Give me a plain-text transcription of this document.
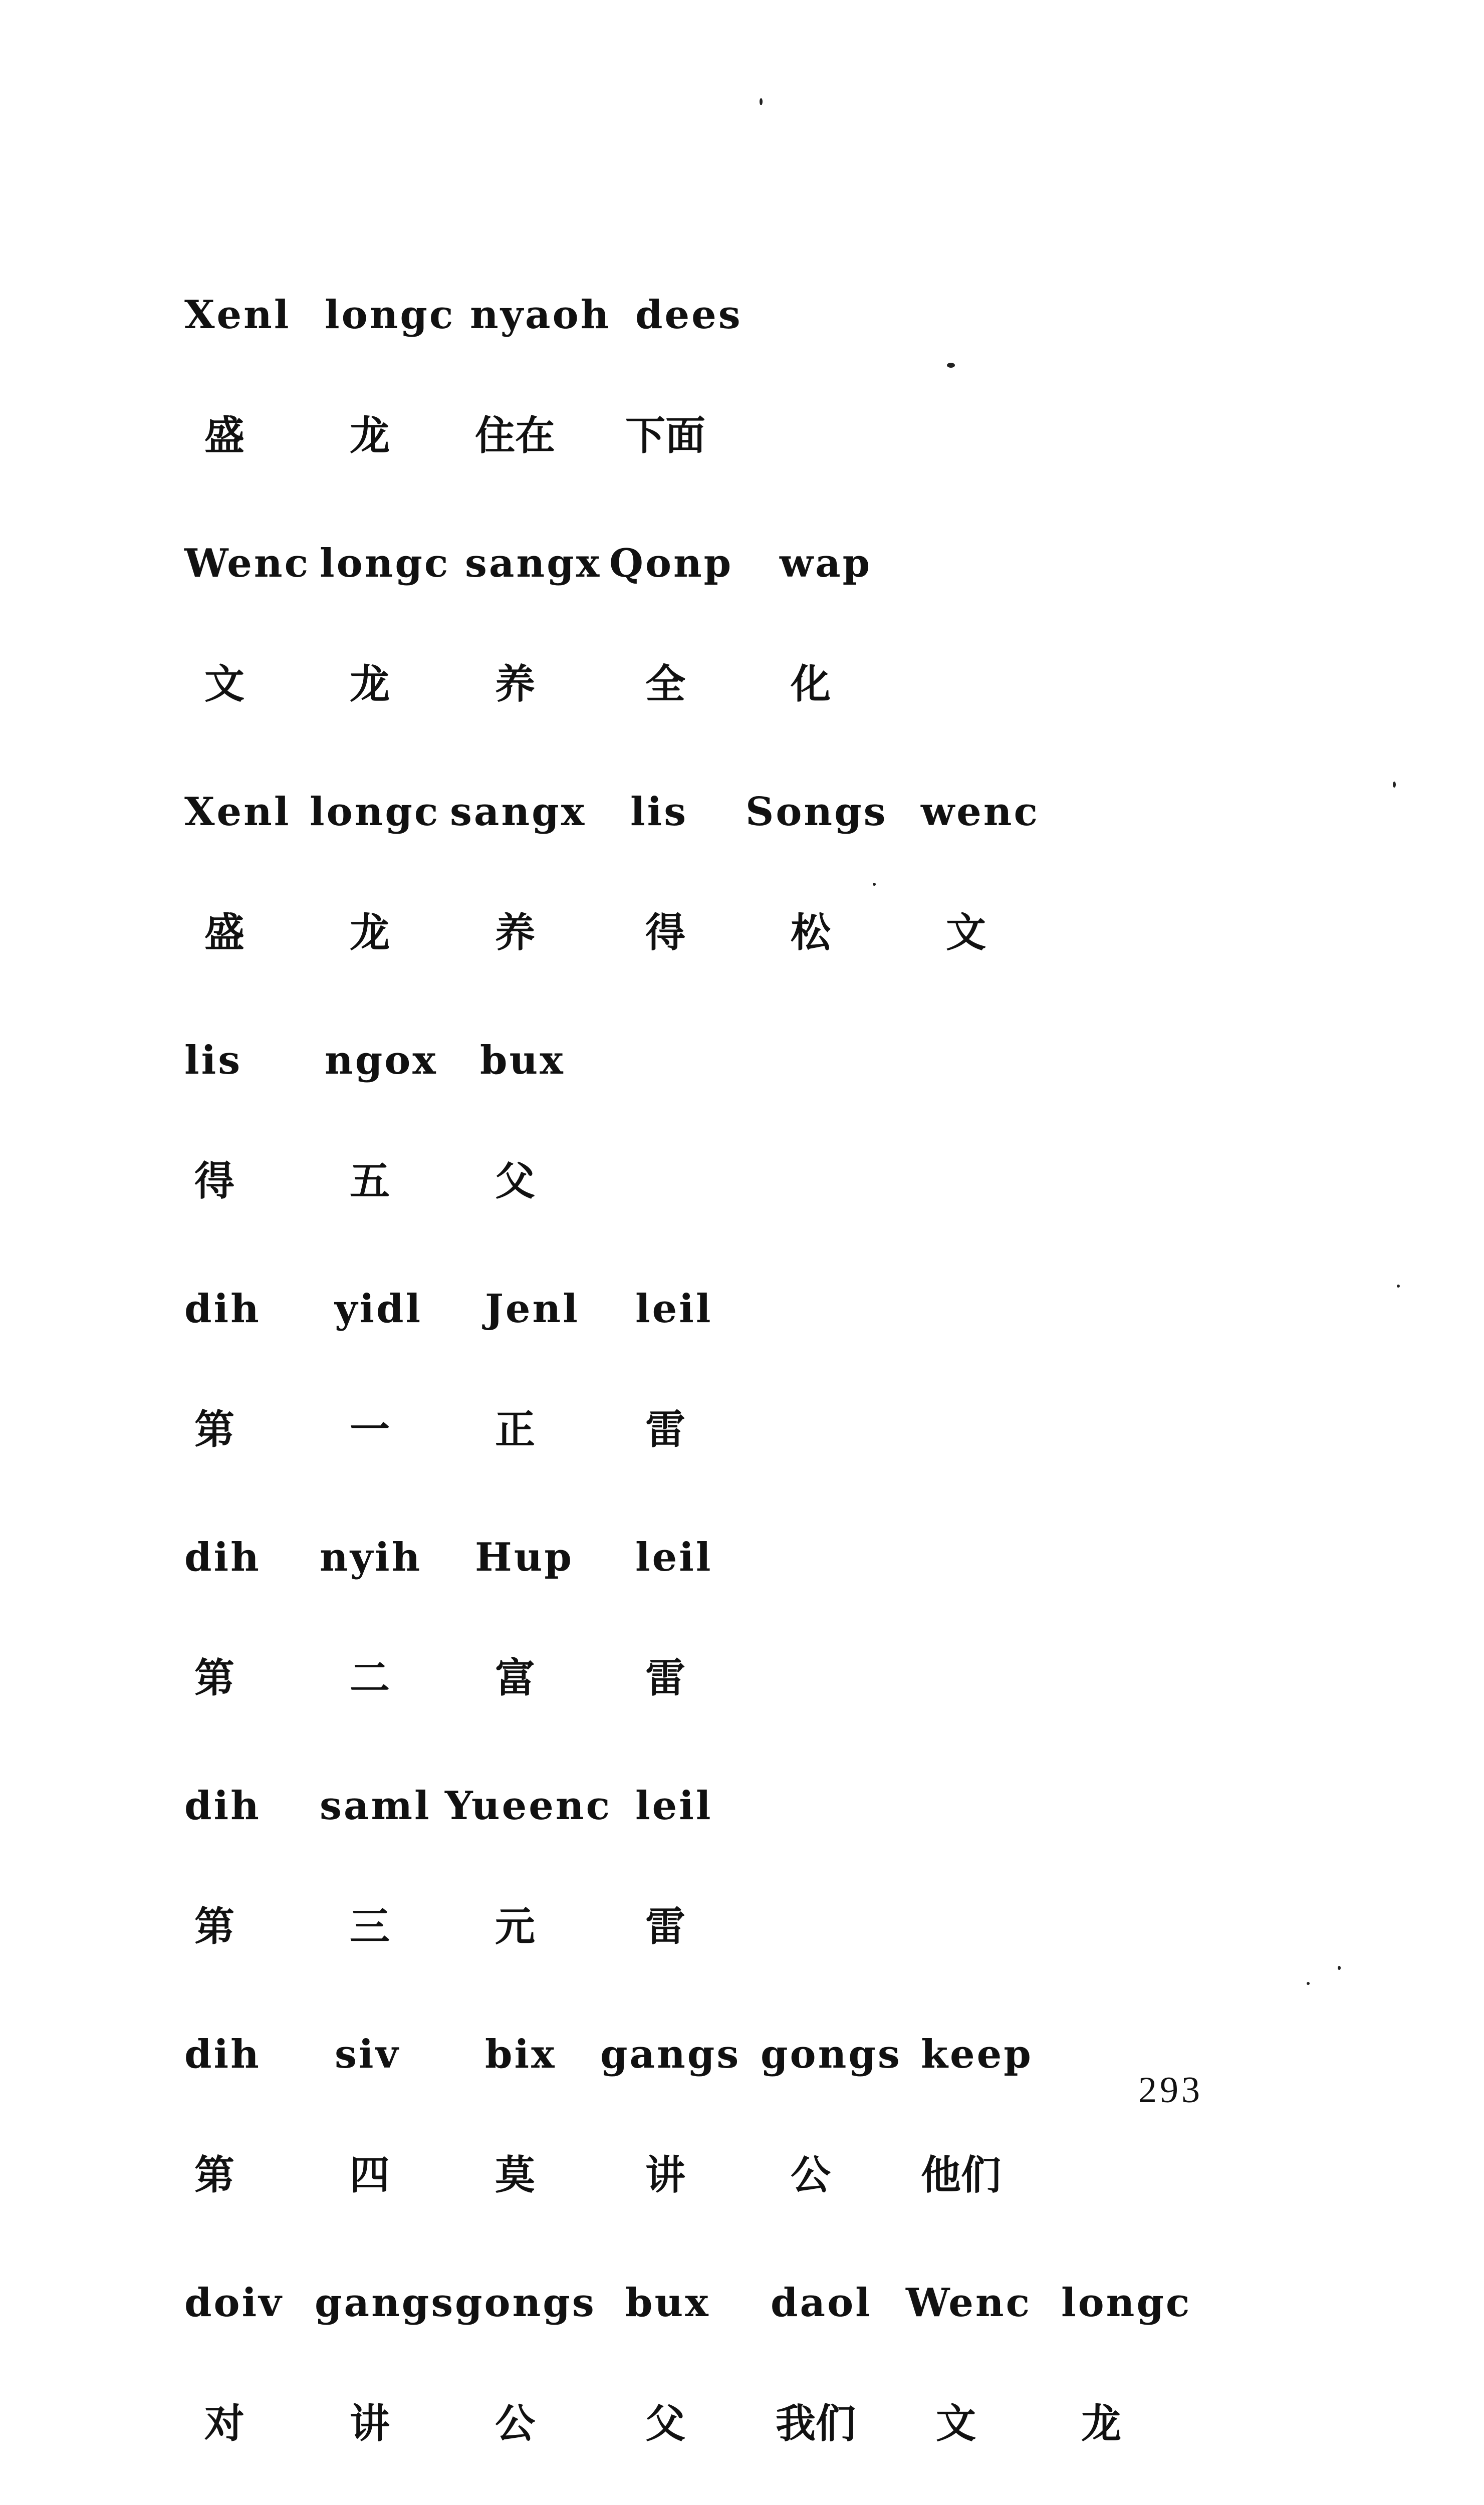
Xenl longc nyaoh dees
盛	龙 住在 下面
Wenc longc sangx Qonp wap
文	龙	养	全	化
Xenl longc sangx lis Songs wenc
盛	龙	养	得	松	文
lis ngox bux
得	五	父
dih yidl Jenl leil
第	一	正	雷
dih nyih Hup leil
第	二	富	雷
dih saml Yueenc leil
第	三	元	雷
dih siv bix gangs gongs keep
第	四	莫	讲	公 他们
doiv gangs gongs bux daol Wenc longc
对	讲	公	父 我们 文	龙
293
